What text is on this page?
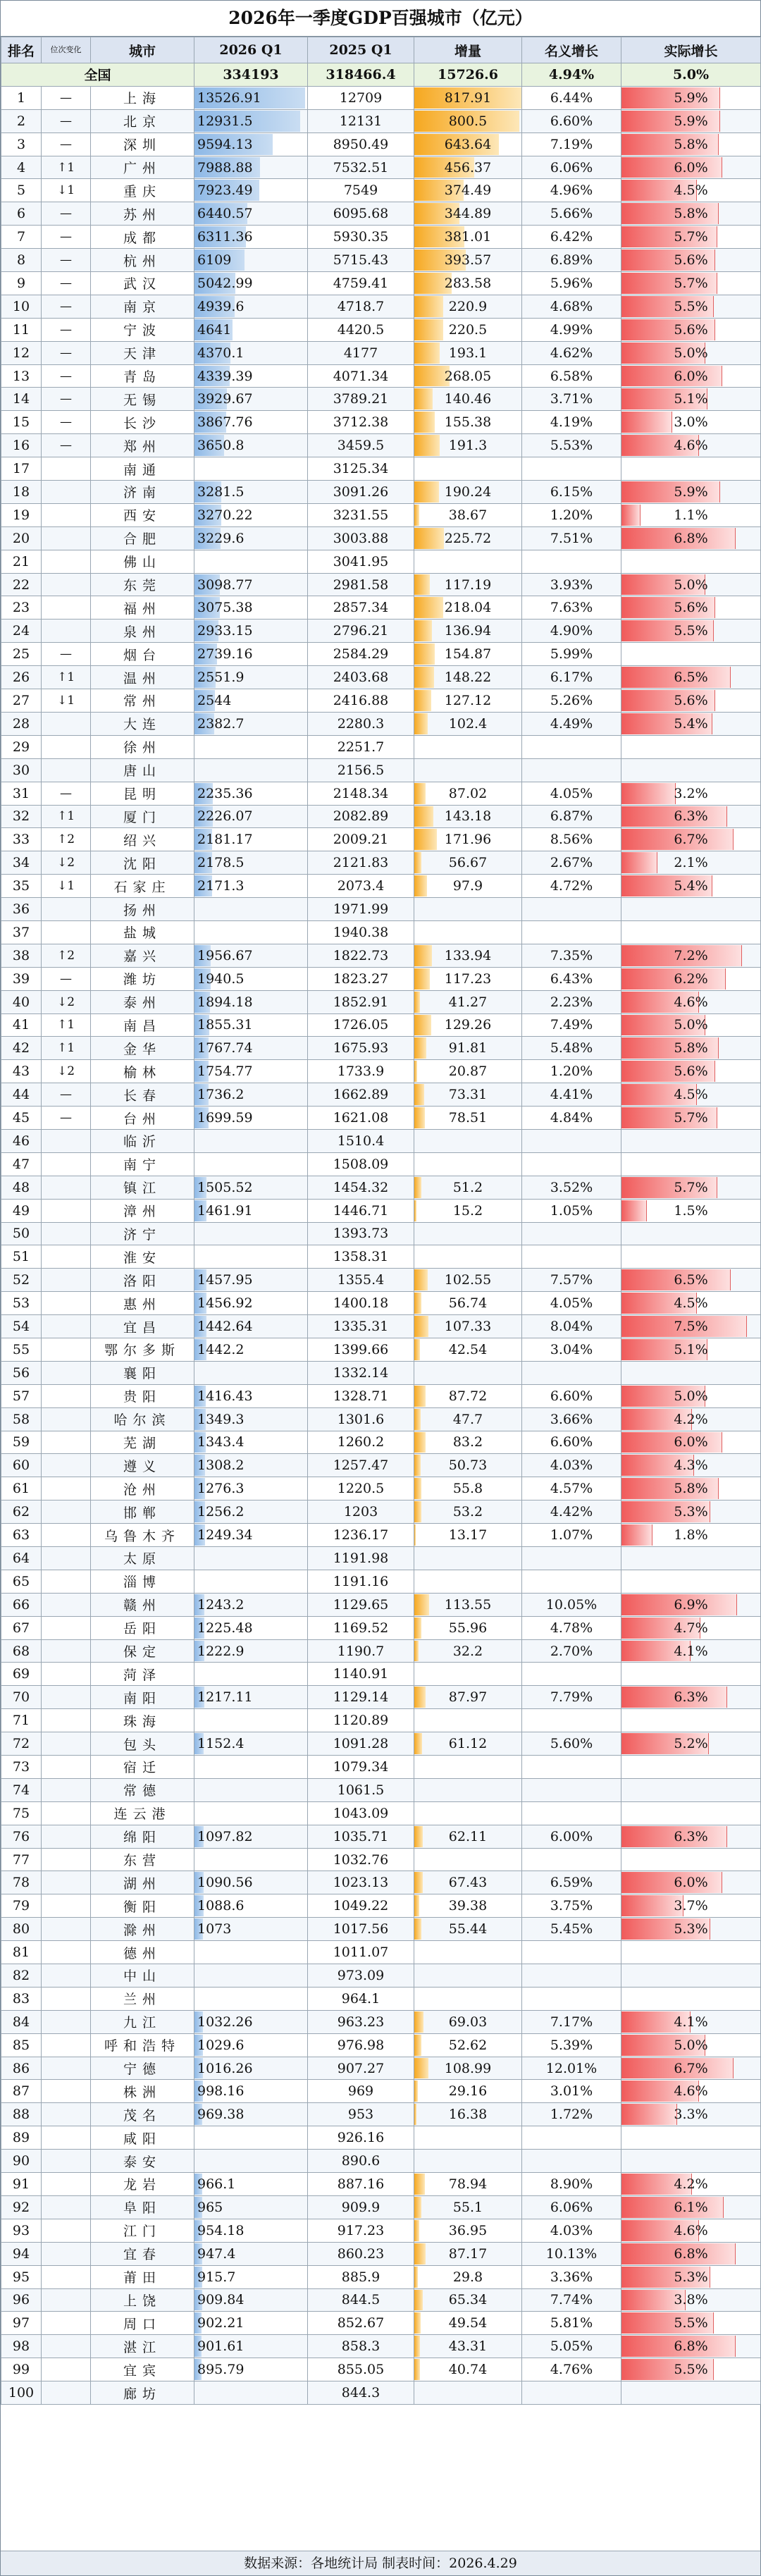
2026年一季度GDP百强城市（亿元）
排名	位次变化	城市	2026 Q1	2025 Q1	增量	名义增长	实际增长
全国			334193	318466.4	15726.6	4.94%	5.0%
1	—	上海	13526.91	12709	817.91	6.44%	5.9%
2	—	北京	12931.5	12131	800.5	6.60%	5.9%
3	—	深圳	9594.13	8950.49	643.64	7.19%	5.8%
4	↑1	广州	7988.88	7532.51	456.37	6.06%	6.0%
5	↓1	重庆	7923.49	7549	374.49	4.96%	4.5%
6	—	苏州	6440.57	6095.68	344.89	5.66%	5.8%
7	—	成都	6311.36	5930.35	381.01	6.42%	5.7%
8	—	杭州	6109	5715.43	393.57	6.89%	5.6%
9	—	武汉	5042.99	4759.41	283.58	5.96%	5.7%
10	—	南京	4939.6	4718.7	220.9	4.68%	5.5%
11	—	宁波	4641	4420.5	220.5	4.99%	5.6%
12	—	天津	4370.1	4177	193.1	4.62%	5.0%
13	—	青岛	4339.39	4071.34	268.05	6.58%	6.0%
14	—	无锡	3929.67	3789.21	140.46	3.71%	5.1%
15	—	长沙	3867.76	3712.38	155.38	4.19%	3.0%
16	—	郑州	3650.8	3459.5	191.3	5.53%	4.6%
17		南通		3125.34			
18		济南	3281.5	3091.26	190.24	6.15%	5.9%
19		西安	3270.22	3231.55	38.67	1.20%	1.1%
20		合肥	3229.6	3003.88	225.72	7.51%	6.8%
21		佛山		3041.95			
22		东莞	3098.77	2981.58	117.19	3.93%	5.0%
23		福州	3075.38	2857.34	218.04	7.63%	5.6%
24		泉州	2933.15	2796.21	136.94	4.90%	5.5%
25	—	烟台	2739.16	2584.29	154.87	5.99%	
26	↑1	温州	2551.9	2403.68	148.22	6.17%	6.5%
27	↓1	常州	2544	2416.88	127.12	5.26%	5.6%
28		大连	2382.7	2280.3	102.4	4.49%	5.4%
29		徐州		2251.7			
30		唐山		2156.5			
31	—	昆明	2235.36	2148.34	87.02	4.05%	3.2%
32	↑1	厦门	2226.07	2082.89	143.18	6.87%	6.3%
33	↑2	绍兴	2181.17	2009.21	171.96	8.56%	6.7%
34	↓2	沈阳	2178.5	2121.83	56.67	2.67%	2.1%
35	↓1	石家庄	2171.3	2073.4	97.9	4.72%	5.4%
36		扬州		1971.99			
37		盐城		1940.38			
38	↑2	嘉兴	1956.67	1822.73	133.94	7.35%	7.2%
39	—	潍坊	1940.5	1823.27	117.23	6.43%	6.2%
40	↓2	泰州	1894.18	1852.91	41.27	2.23%	4.6%
41	↑1	南昌	1855.31	1726.05	129.26	7.49%	5.0%
42	↑1	金华	1767.74	1675.93	91.81	5.48%	5.8%
43	↓2	榆林	1754.77	1733.9	20.87	1.20%	5.6%
44	—	长春	1736.2	1662.89	73.31	4.41%	4.5%
45	—	台州	1699.59	1621.08	78.51	4.84%	5.7%
46		临沂		1510.4			
47		南宁		1508.09			
48		镇江	1505.52	1454.32	51.2	3.52%	5.7%
49		漳州	1461.91	1446.71	15.2	1.05%	1.5%
50		济宁		1393.73			
51		淮安		1358.31			
52		洛阳	1457.95	1355.4	102.55	7.57%	6.5%
53		惠州	1456.92	1400.18	56.74	4.05%	4.5%
54		宜昌	1442.64	1335.31	107.33	8.04%	7.5%
55		鄂尔多斯	1442.2	1399.66	42.54	3.04%	5.1%
56		襄阳		1332.14			
57		贵阳	1416.43	1328.71	87.72	6.60%	5.0%
58		哈尔滨	1349.3	1301.6	47.7	3.66%	4.2%
59		芜湖	1343.4	1260.2	83.2	6.60%	6.0%
60		遵义	1308.2	1257.47	50.73	4.03%	4.3%
61		沧州	1276.3	1220.5	55.8	4.57%	5.8%
62		邯郸	1256.2	1203	53.2	4.42%	5.3%
63		乌鲁木齐	1249.34	1236.17	13.17	1.07%	1.8%
64		太原		1191.98			
65		淄博		1191.16			
66		赣州	1243.2	1129.65	113.55	10.05%	6.9%
67		岳阳	1225.48	1169.52	55.96	4.78%	4.7%
68		保定	1222.9	1190.7	32.2	2.70%	4.1%
69		菏泽		1140.91			
70		南阳	1217.11	1129.14	87.97	7.79%	6.3%
71		珠海		1120.89			
72		包头	1152.4	1091.28	61.12	5.60%	5.2%
73		宿迁		1079.34			
74		常德		1061.5			
75		连云港		1043.09			
76		绵阳	1097.82	1035.71	62.11	6.00%	6.3%
77		东营		1032.76			
78		湖州	1090.56	1023.13	67.43	6.59%	6.0%
79		衡阳	1088.6	1049.22	39.38	3.75%	3.7%
80		滁州	1073	1017.56	55.44	5.45%	5.3%
81		德州		1011.07			
82		中山		973.09			
83		兰州		964.1			
84		九江	1032.26	963.23	69.03	7.17%	4.1%
85		呼和浩特	1029.6	976.98	52.62	5.39%	5.0%
86		宁德	1016.26	907.27	108.99	12.01%	6.7%
87		株洲	998.16	969	29.16	3.01%	4.6%
88		茂名	969.38	953	16.38	1.72%	3.3%
89		咸阳		926.16			
90		泰安		890.6			
91		龙岩	966.1	887.16	78.94	8.90%	4.2%
92		阜阳	965	909.9	55.1	6.06%	6.1%
93		江门	954.18	917.23	36.95	4.03%	4.6%
94		宜春	947.4	860.23	87.17	10.13%	6.8%
95		莆田	915.7	885.9	29.8	3.36%	5.3%
96		上饶	909.84	844.5	65.34	7.74%	3.8%
97		周口	902.21	852.67	49.54	5.81%	5.5%
98		湛江	901.61	858.3	43.31	5.05%	6.8%
99		宜宾	895.79	855.05	40.74	4.76%	5.5%
100		廊坊		844.3			
数据来源：各地统计局 制表时间：2026.4.29
